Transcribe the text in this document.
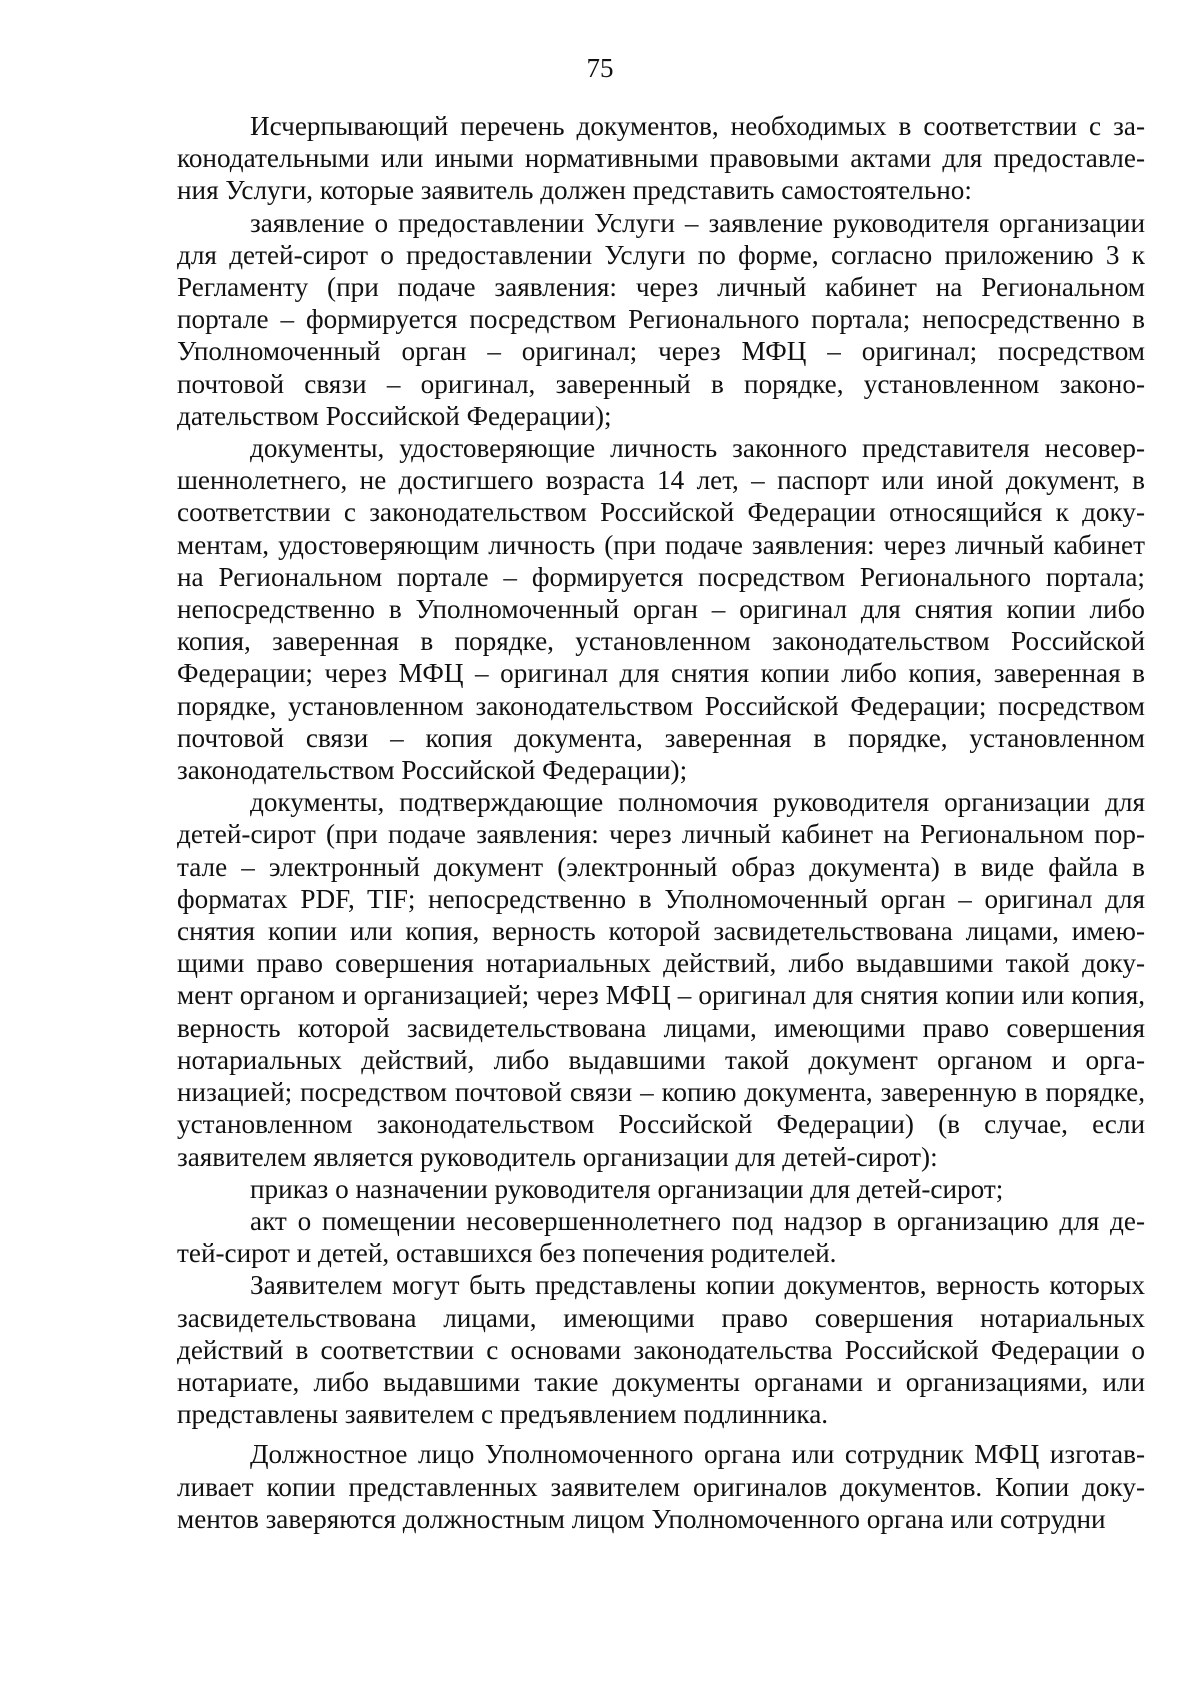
75

Исчерпывающий перечень документов, необходимых в соответствии с законодательными или иными нормативными правовыми актами для предоставления Услуги, которые заявитель должен представить самостоятельно:

заявление о предоставлении Услуги – заявление руководителя организации для детей-сирот о предоставлении Услуги по форме, согласно приложению 3 к Регламенту (при подаче заявления: через личный кабинет на Региональном портале – формируется посредством Регионального портала; непосредственно в Уполномоченный орган – оригинал; через МФЦ – оригинал; посредством почтовой связи – оригинал, заверенный в порядке, установленном законодательством Российской Федерации);

документы, удостоверяющие личность законного представителя несовершеннолетнего, не достигшего возраста 14 лет, – паспорт или иной документ, в соответствии с законодательством Российской Федерации относящийся к документам, удостоверяющим личность (при подаче заявления: через личный кабинет на Региональном портале – формируется посредством Регионального портала; непосредственно в Уполномоченный орган – оригинал для снятия копии либо копия, заверенная в порядке, установленном законодательством Российской Федерации; через МФЦ – оригинал для снятия копии либо копия, заверенная в порядке, установленном законодательством Российской Федерации; посредством почтовой связи – копия документа, заверенная в порядке, установленном законодательством Российской Федерации);

документы, подтверждающие полномочия руководителя организации для детей-сирот (при подаче заявления: через личный кабинет на Региональном портале – электронный документ (электронный образ документа) в виде файла в форматах PDF, TIF; непосредственно в Уполномоченный орган – оригинал для снятия копии или копия, верность которой засвидетельствована лицами, имеющими право совершения нотариальных действий, либо выдавшими такой документ органом и организацией; через МФЦ – оригинал для снятия копии или копия, верность которой засвидетельствована лицами, имеющими право совершения нотариальных действий, либо выдавшими такой документ органом и организацией; посредством почтовой связи – копию документа, заверенную в порядке, установленном законодательством Российской Федерации) (в случае, если заявителем является руководитель организации для детей-сирот):

приказ о назначении руководителя организации для детей-сирот;

акт о помещении несовершеннолетнего под надзор в организацию для детей-сирот и детей, оставшихся без попечения родителей.

Заявителем могут быть представлены копии документов, верность которых засвидетельствована лицами, имеющими право совершения нотариальных действий в соответствии с основами законодательства Российской Федерации о нотариате, либо выдавшими такие документы органами и организациями, или представлены заявителем с предъявлением подлинника.

Должностное лицо Уполномоченного органа или сотрудник МФЦ изготавливает копии представленных заявителем оригиналов документов. Копии документов заверяются должностным лицом Уполномоченного органа или сотрудни
